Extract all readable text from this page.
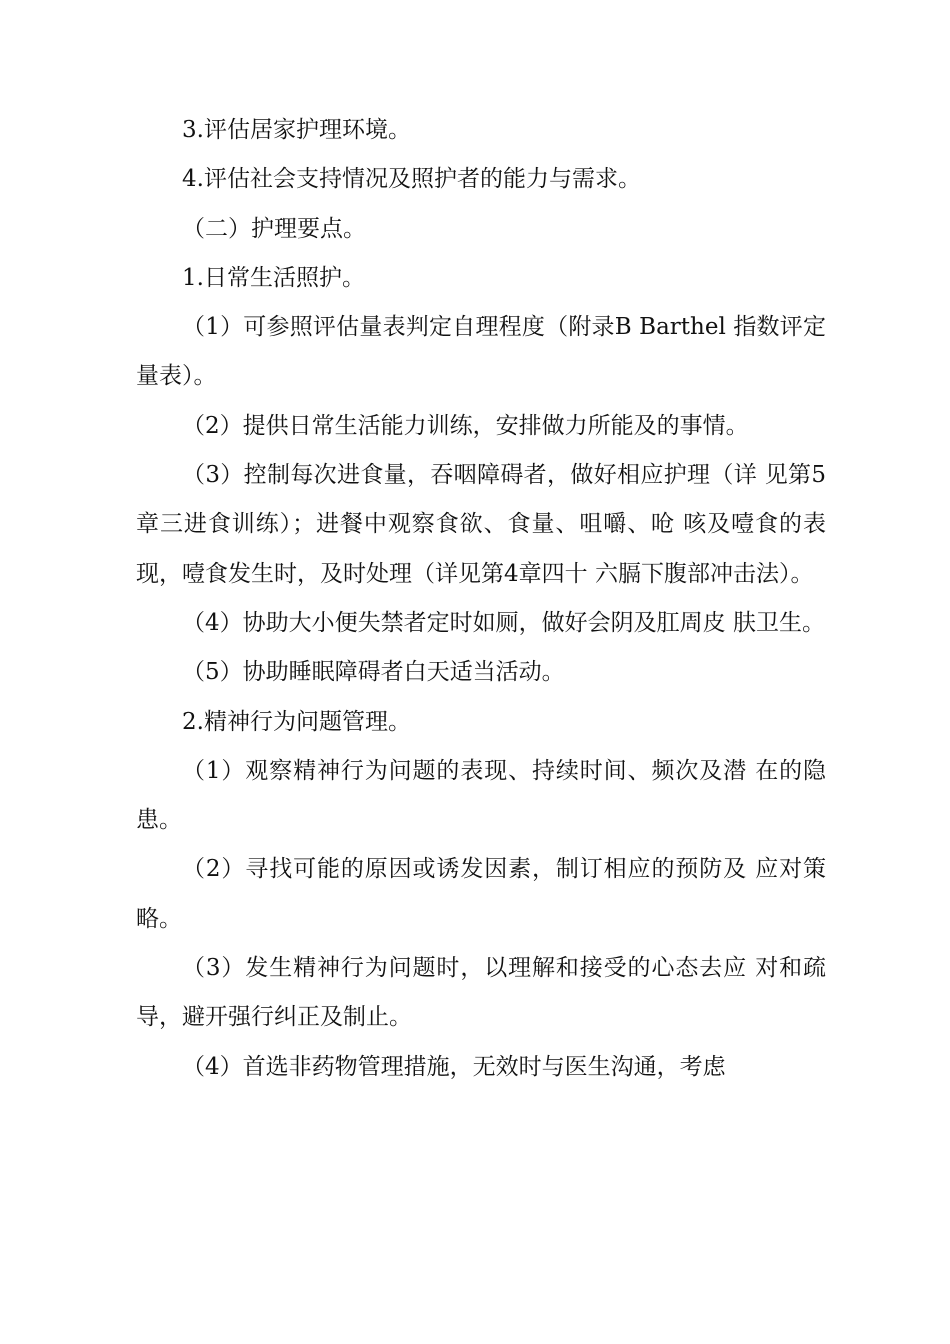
3.评估居家护理环境。

4.评估社会支持情况及照护者的能力与需求。

（二）护理要点。

1.日常生活照护。

（1）可参照评估量表判定自理程度（附录B Barthel 指数评定量表）。

（2）提供日常生活能力训练，安排做力所能及的事情。

（3）控制每次进食量，吞咽障碍者，做好相应护理（详 见第5章三进食训练）；进餐中观察食欲、食量、咀嚼、呛 咳及噎食的表现，噎食发生时，及时处理（详见第4章四十 六膈下腹部冲击法）。

（4）协助大小便失禁者定时如厕，做好会阴及肛周皮 肤卫生。

（5）协助睡眠障碍者白天适当活动。

2.精神行为问题管理。

（1）观察精神行为问题的表现、持续时间、频次及潜 在的隐患。

（2）寻找可能的原因或诱发因素，制订相应的预防及 应对策略。

（3）发生精神行为问题时，以理解和接受的心态去应 对和疏导，避开强行纠正及制止。

（4）首选非药物管理措施，无效时与医生沟通，考虑
